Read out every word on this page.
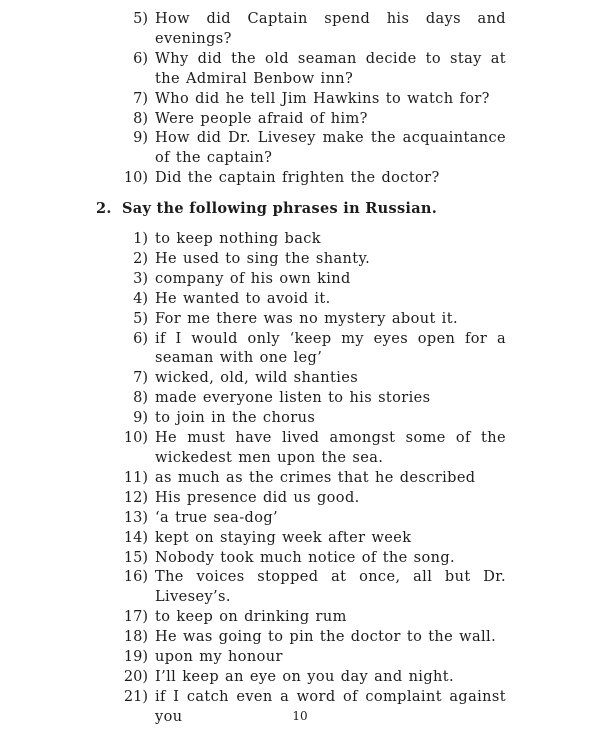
5) How did Captain spend his days and evenings?
6) Why did the old seaman decide to stay at the Admiral Benbow inn?
7) Who did he tell Jim Hawkins to watch for?
8) Were people afraid of him?
9) How did Dr. Livesey make the acquaintance of the captain?
10) Did the captain frighten the doctor?
2. Say the following phrases in Russian.
1) to keep nothing back
2) He used to sing the shanty.
3) company of his own kind
4) He wanted to avoid it.
5) For me there was no mystery about it.
6) if I would only ‘keep my eyes open for a seaman with one leg’
7) wicked, old, wild shanties
8) made everyone listen to his stories
9) to join in the chorus
10) He must have lived amongst some of the wickedest men upon the sea.
11) as much as the crimes that he described
12) His presence did us good.
13) ‘a true sea-dog’
14) kept on staying week after week
15) Nobody took much notice of the song.
16) The voices stopped at once, all but Dr. Livesey’s.
17) to keep on drinking rum
18) He was going to pin the doctor to the wall.
19) upon my honour
20) I’ll keep an eye on you day and night.
21) if I catch even a word of complaint against you	10
